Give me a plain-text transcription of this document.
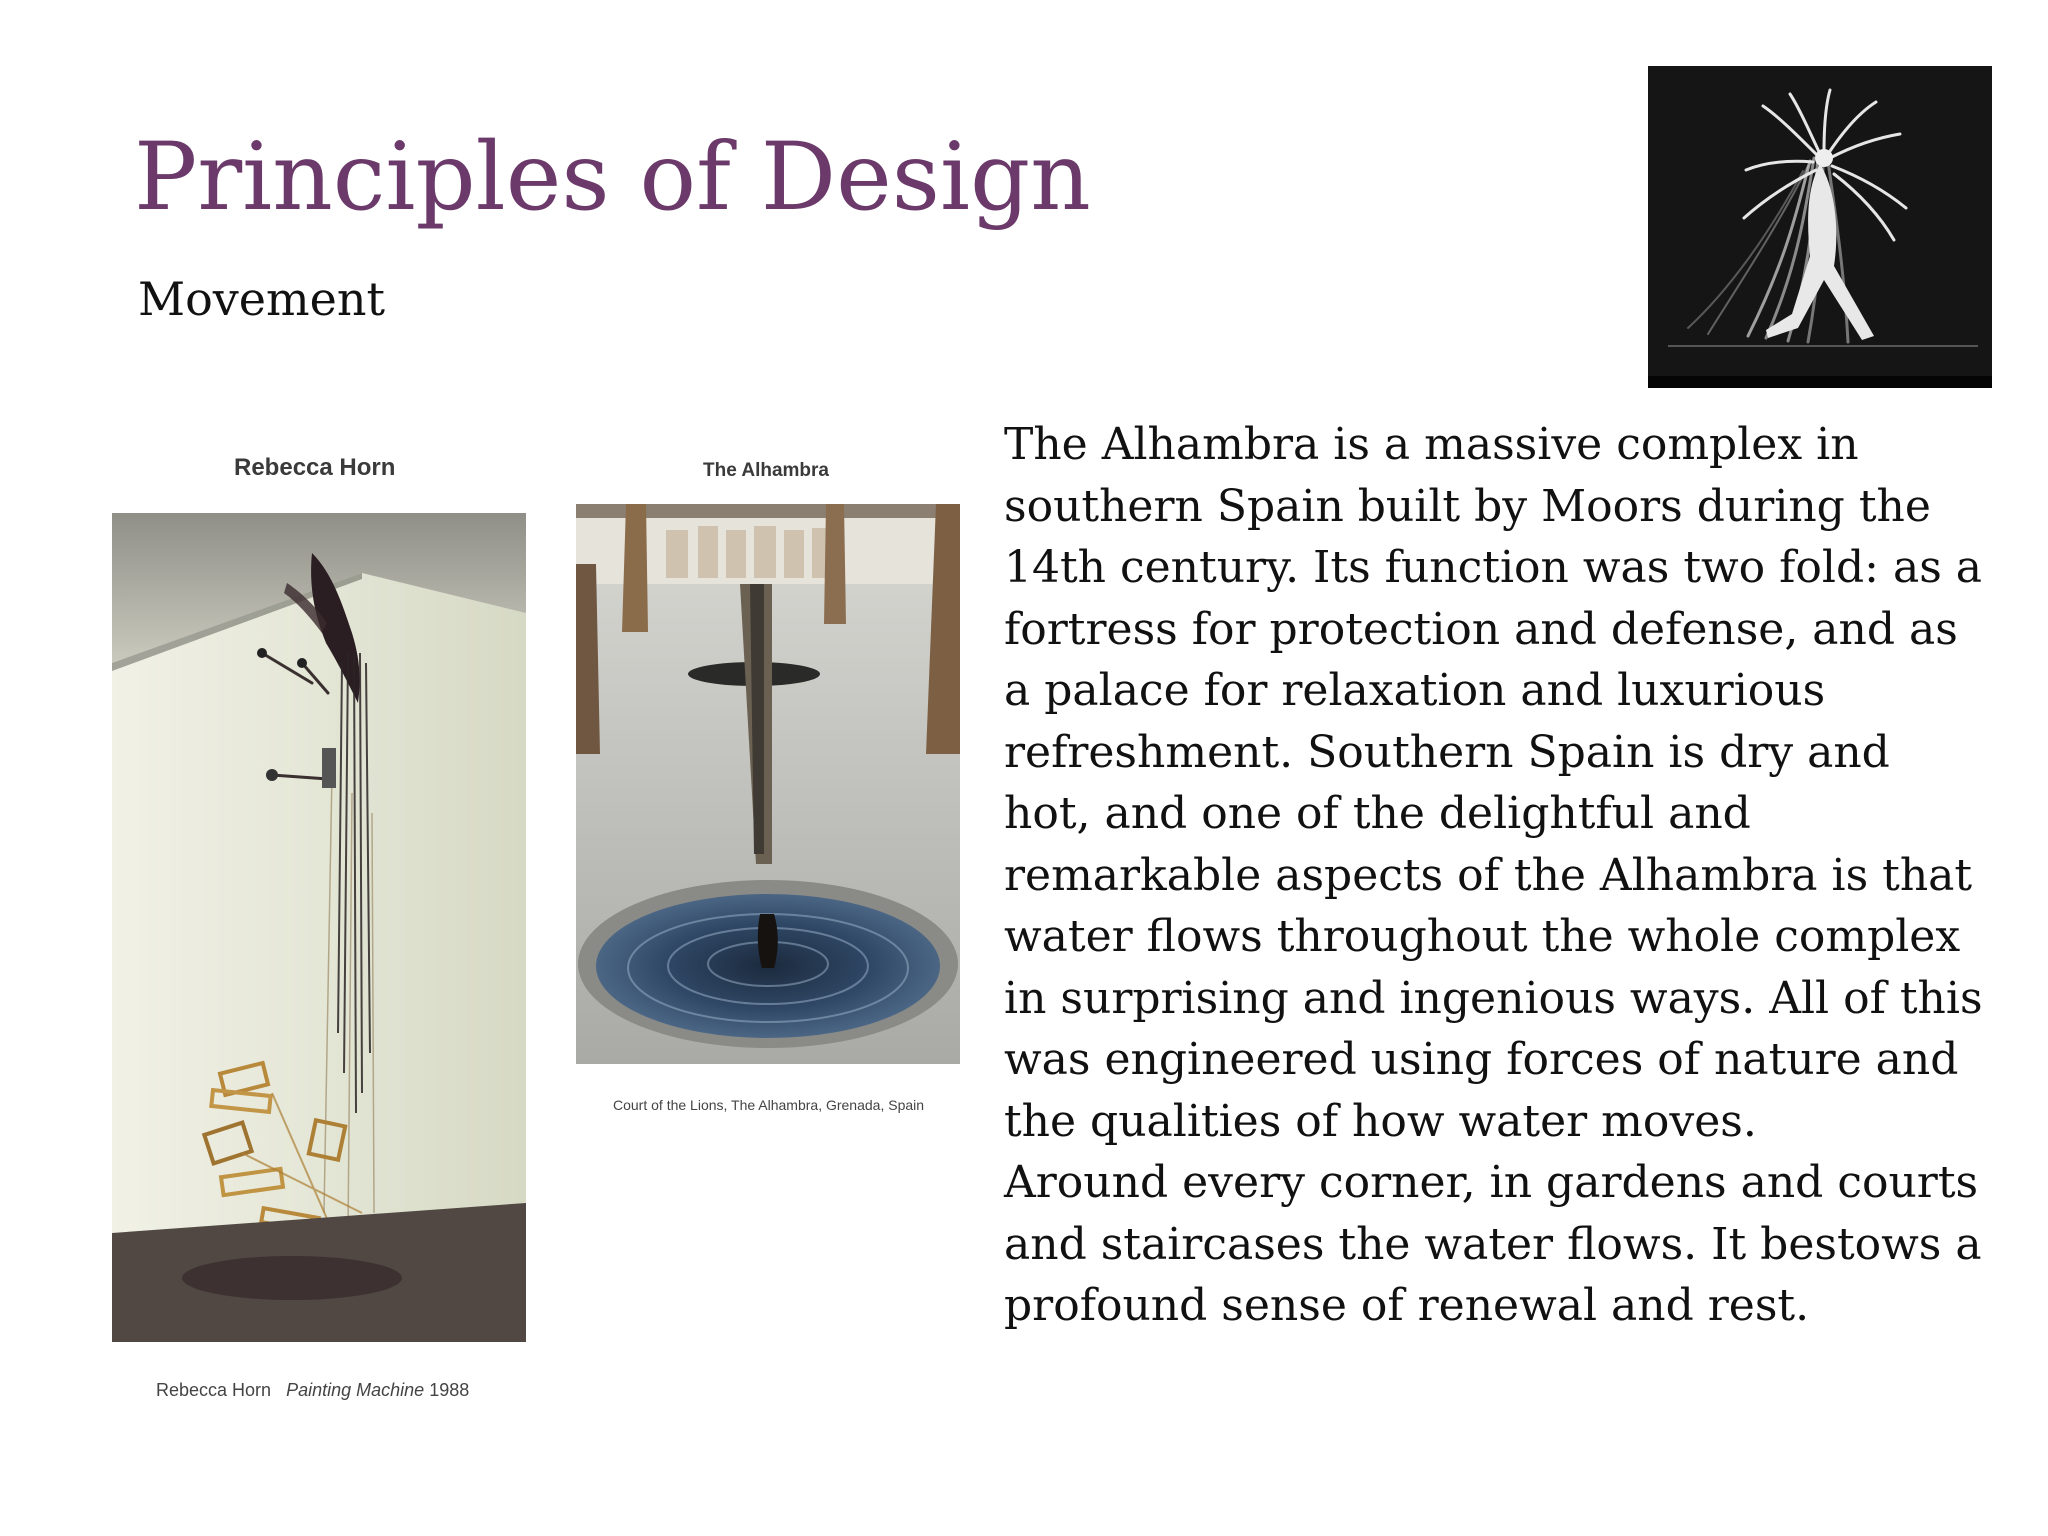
Principles of Design
Movement
Rebecca Horn
Rebecca Horn Painting Machine 1988
The Alhambra
Court of the Lions, The Alhambra, Grenada, Spain

The Alhambra is a massive complex in southern Spain built by Moors during the 14th century. Its function was two fold: as a fortress for protection and defense, and as a palace for relaxation and luxurious refreshment. Southern Spain is dry and hot, and one of the delightful and remarkable aspects of the Alhambra is that water flows throughout the whole complex in surprising and ingenious ways. All of this was engineered using forces of nature and the qualities of how water moves.

Around every corner, in gardens and courts and staircases the water flows. It bestows a profound sense of renewal and rest.
